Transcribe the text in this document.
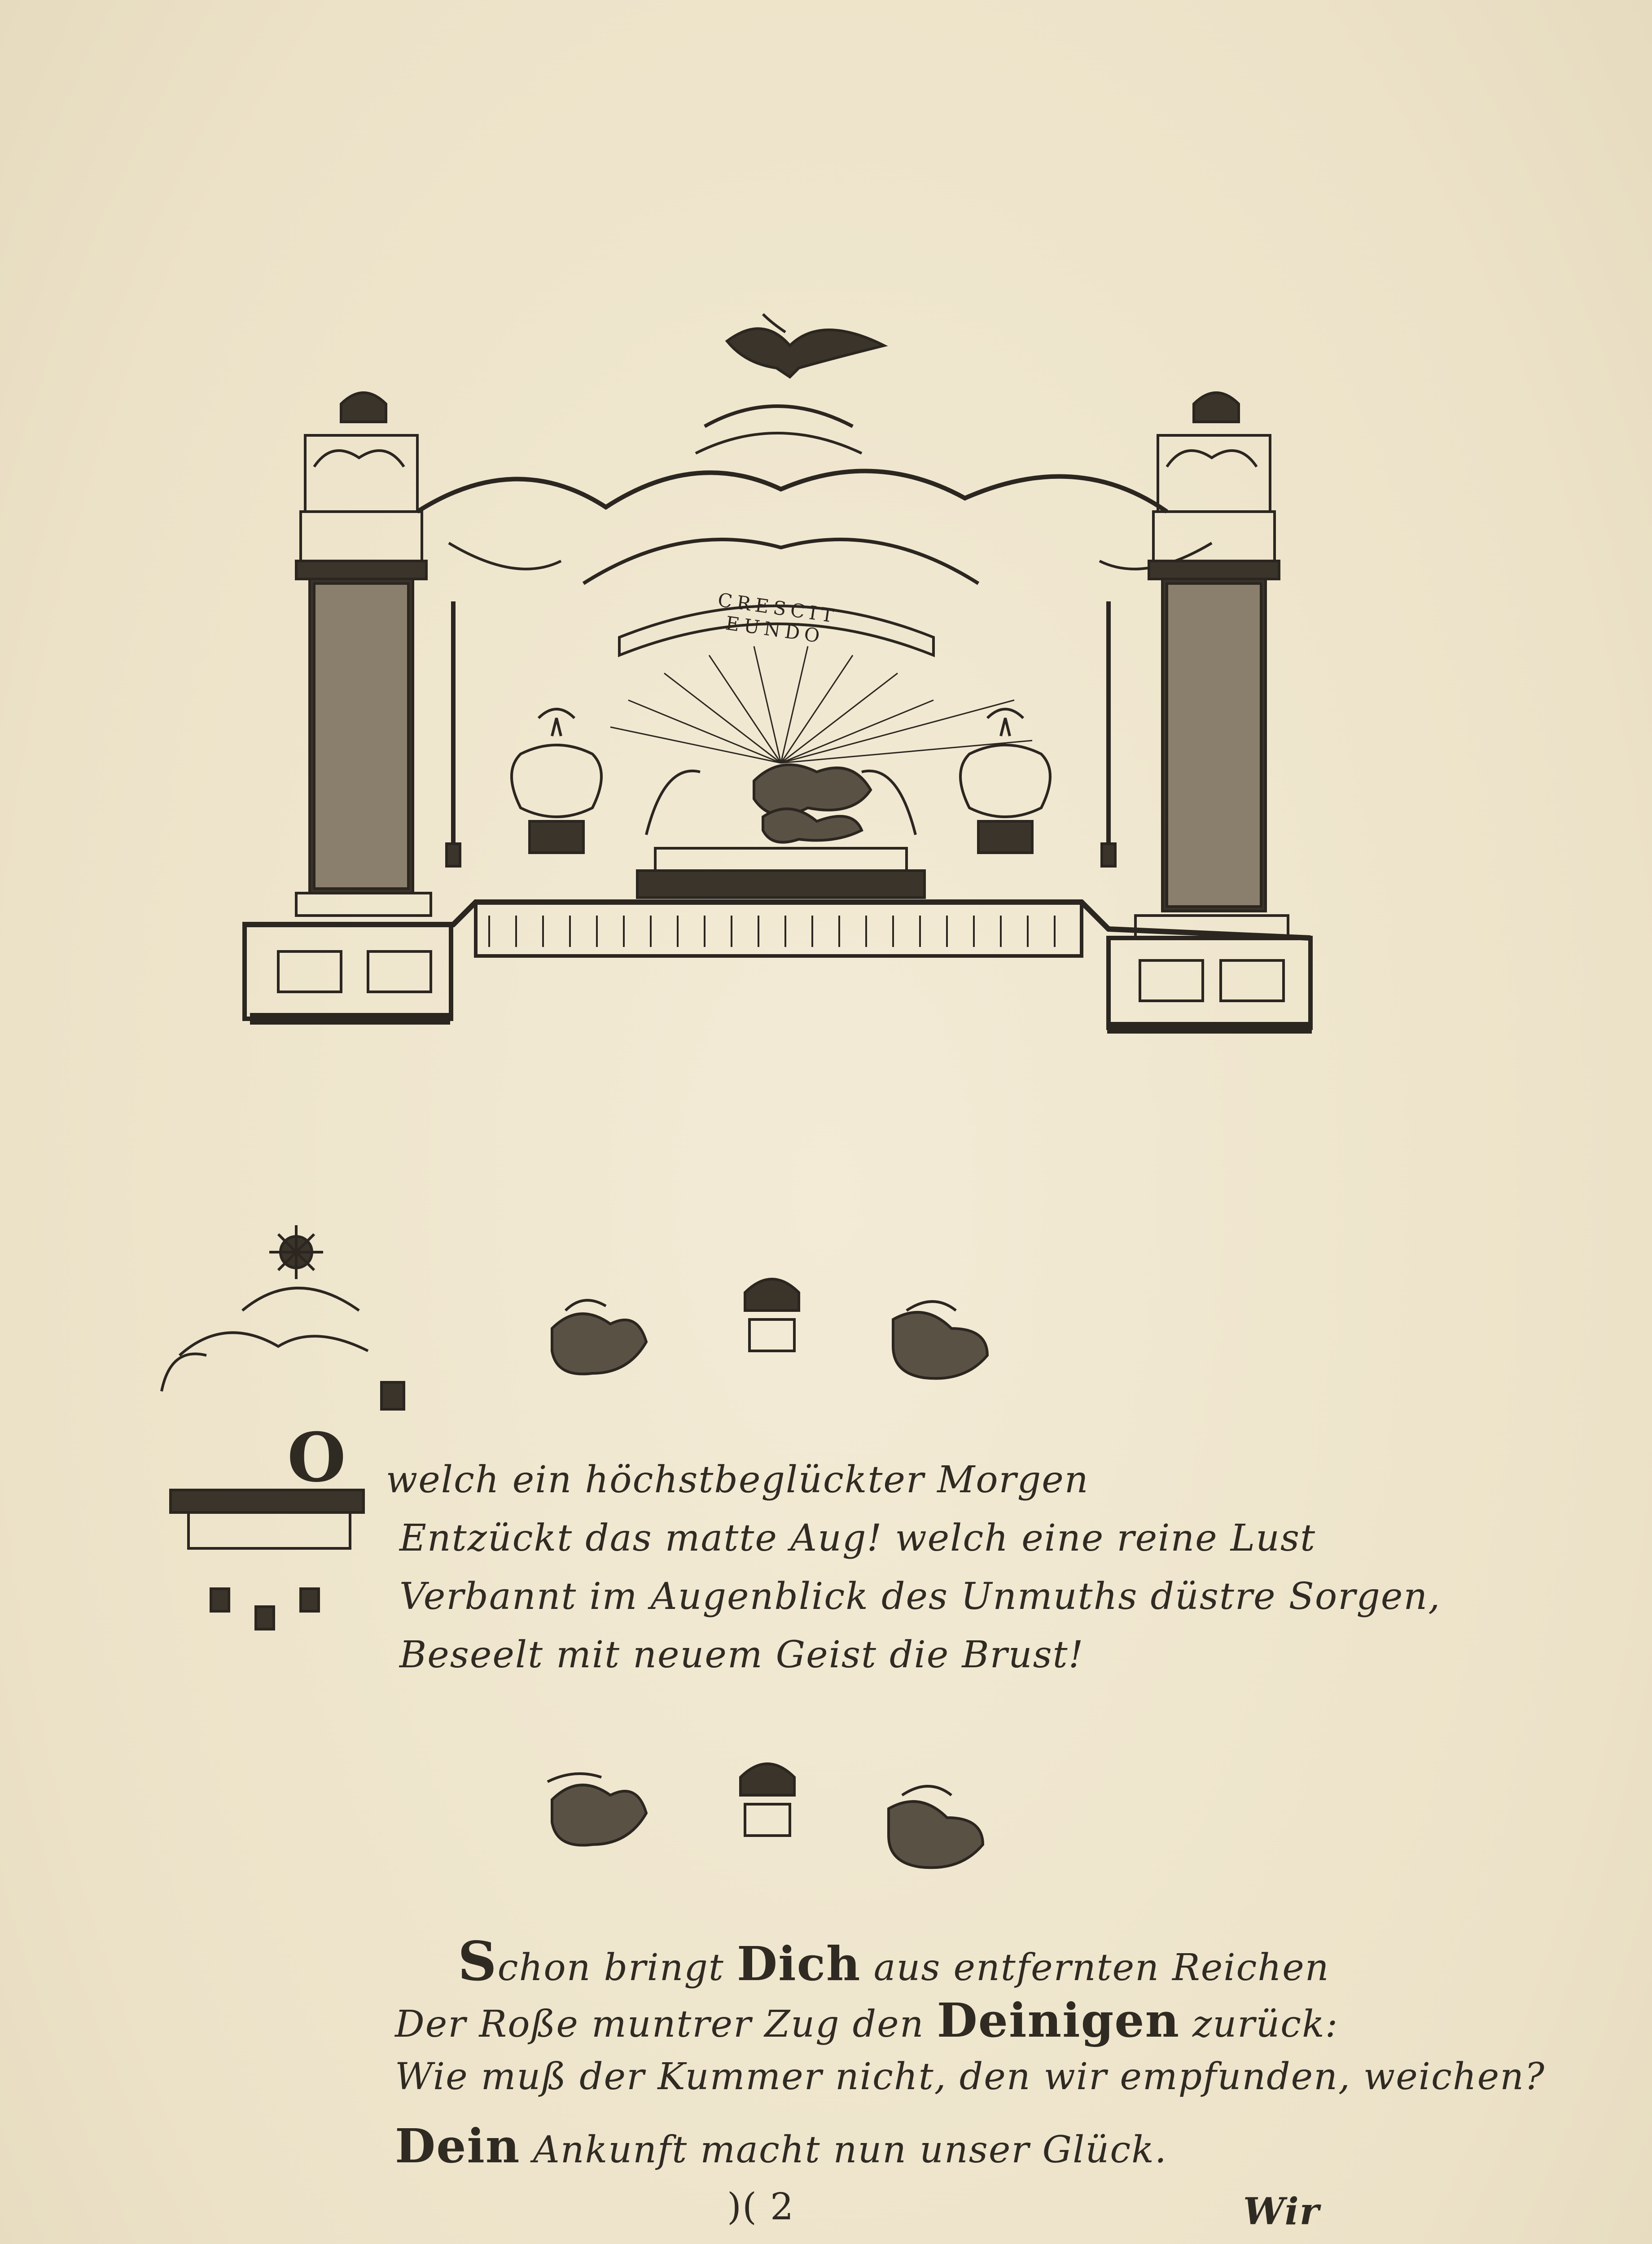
CRESCIT EUNDO
O welch ein höchstbeglückter Morgen
Entzückt das matte Aug! welch eine reine Lust
Verbannt im Augenblick des Unmuths düstre Sorgen,
Beseelt mit neuem Geist die Brust!
Schon bringt Dich aus entfernten Reichen
Der Roße muntrer Zug den Deinigen zurück:
Wie muß der Kummer nicht, den wir empfunden, weichen?
Dein Ankunft macht nun unser Glück.
)( 2	Wir
